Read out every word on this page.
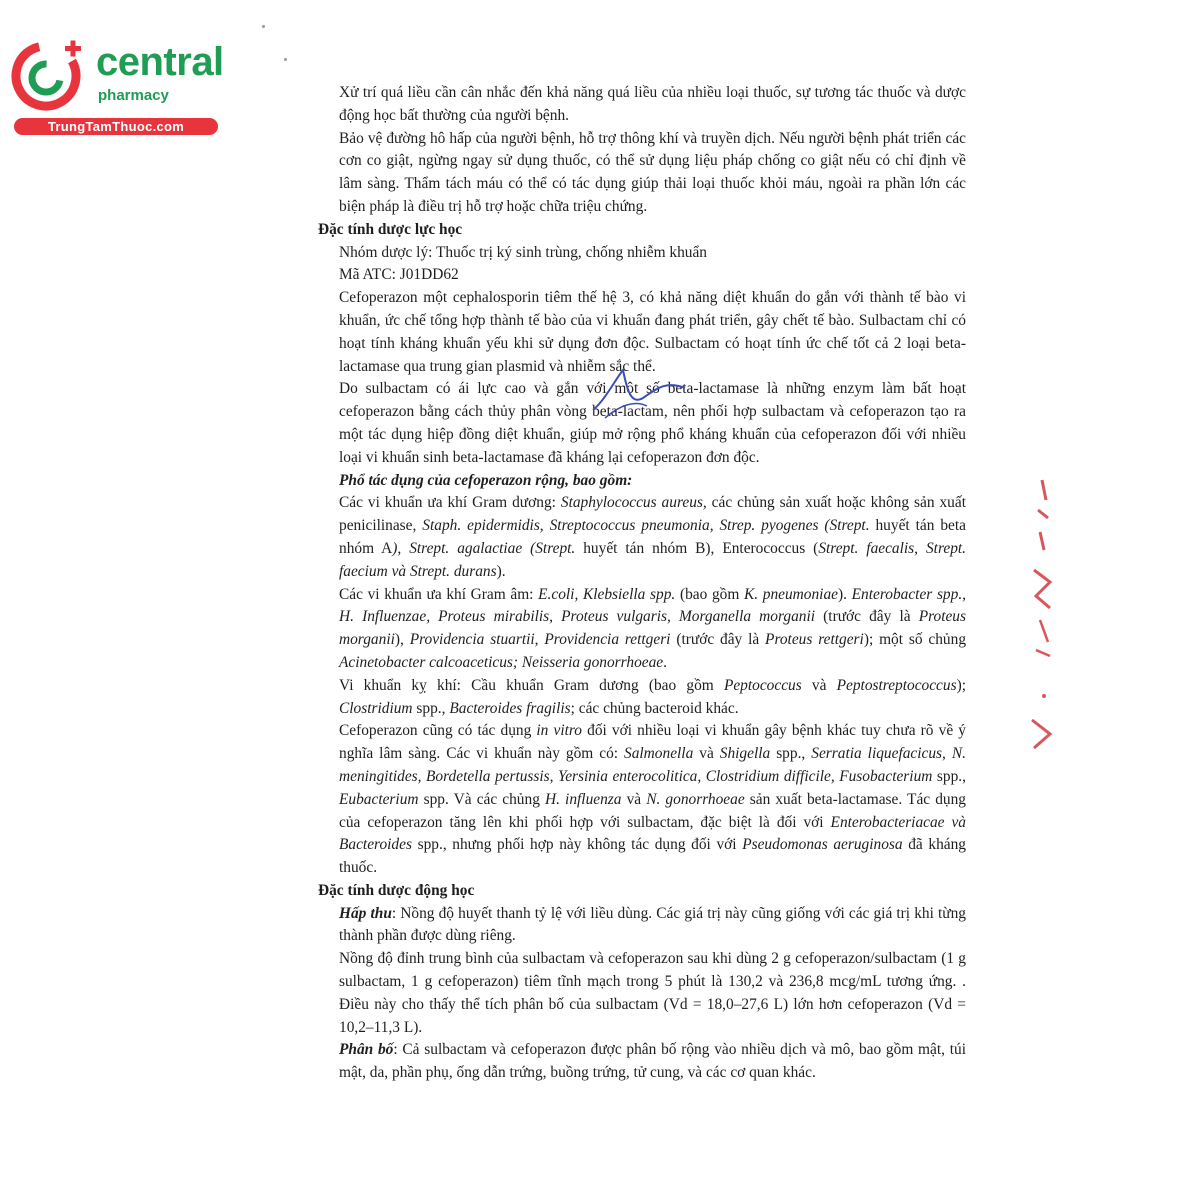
central
pharmacy
TrungTamThuoc.com

Xử trí quá liều cần cân nhắc đến khả năng quá liều của nhiều loại thuốc, sự tương tác thuốc và dược động học bất thường của người bệnh.

Bảo vệ đường hô hấp của người bệnh, hỗ trợ thông khí và truyền dịch. Nếu người bệnh phát triển các cơn co giật, ngừng ngay sử dụng thuốc, có thể sử dụng liệu pháp chống co giật nếu có chỉ định về lâm sàng. Thẩm tách máu có thể có tác dụng giúp thải loại thuốc khỏi máu, ngoài ra phần lớn các biện pháp là điều trị hỗ trợ hoặc chữa triệu chứng.

Đặc tính dược lực học

Nhóm dược lý: Thuốc trị ký sinh trùng, chống nhiễm khuẩn

Mã ATC: J01DD62

Cefoperazon một cephalosporin tiêm thế hệ 3, có khả năng diệt khuẩn do gắn với thành tế bào vi khuẩn, ức chế tổng hợp thành tế bào của vi khuẩn đang phát triển, gây chết tế bào. Sulbactam chỉ có hoạt tính kháng khuẩn yếu khi sử dụng đơn độc. Sulbactam có hoạt tính ức chế tốt cả 2 loại beta-lactamase qua trung gian plasmid và nhiễm sắc thể.

Do sulbactam có ái lực cao và gắn với một số beta-lactamase là những enzym làm bất hoạt cefoperazon bằng cách thủy phân vòng beta-lactam, nên phối hợp sulbactam và cefoperazon tạo ra một tác dụng hiệp đồng diệt khuẩn, giúp mở rộng phổ kháng khuẩn của cefoperazon đối với nhiều loại vi khuẩn sinh beta-lactamase đã kháng lại cefoperazon đơn độc.

Phổ tác dụng của cefoperazon rộng, bao gồm:

Các vi khuẩn ưa khí Gram dương: Staphylococcus aureus, các chủng sản xuất hoặc không sản xuất penicilinase, Staph. epidermidis, Streptococcus pneumonia, Strep. pyogenes (Strept. huyết tán beta nhóm A), Strept. agalactiae (Strept. huyết tán nhóm B), Enterococcus (Strept. faecalis, Strept. faecium và Strept. durans).

Các vi khuẩn ưa khí Gram âm: E.coli, Klebsiella spp. (bao gồm K. pneumoniae). Enterobacter spp., H. Influenzae, Proteus mirabilis, Proteus vulgaris, Morganella morganii (trước đây là Proteus morganii), Providencia stuartii, Providencia rettgeri (trước đây là Proteus rettgeri); một số chủng Acinetobacter calcoaceticus; Neisseria gonorrhoeae.

Vi khuẩn kỵ khí: Cầu khuẩn Gram dương (bao gồm Peptococcus và Peptostreptococcus); Clostridium spp., Bacteroides fragilis; các chủng bacteroid khác.

Cefoperazon cũng có tác dụng in vitro đối với nhiều loại vi khuẩn gây bệnh khác tuy chưa rõ về ý nghĩa lâm sàng. Các vi khuẩn này gồm có: Salmonella và Shigella spp., Serratia liquefacicus, N. meningitides, Bordetella pertussis, Yersinia enterocolitica, Clostridium difficile, Fusobacterium spp., Eubacterium spp. Và các chủng H. influenza và N. gonorrhoeae sản xuất beta-lactamase. Tác dụng của cefoperazon tăng lên khi phối hợp với sulbactam, đặc biệt là đối với Enterobacteriacae và Bacteroides spp., nhưng phối hợp này không tác dụng đối với Pseudomonas aeruginosa đã kháng thuốc.

Đặc tính dược động học

Hấp thu: Nồng độ huyết thanh tỷ lệ với liều dùng. Các giá trị này cũng giống với các giá trị khi từng thành phần được dùng riêng.

Nồng độ đỉnh trung bình của sulbactam và cefoperazon sau khi dùng 2 g cefoperazon/sulbactam (1 g sulbactam, 1 g cefoperazon) tiêm tĩnh mạch trong 5 phút là 130,2 và 236,8 mcg/mL tương ứng. . Điều này cho thấy thể tích phân bố của sulbactam (Vd = 18,0–27,6 L) lớn hơn cefoperazon (Vd = 10,2–11,3 L).

Phân bố: Cả sulbactam và cefoperazon được phân bố rộng vào nhiều dịch và mô, bao gồm mật, túi mật, da, phần phụ, ống dẫn trứng, buồng trứng, tử cung, và các cơ quan khác.
